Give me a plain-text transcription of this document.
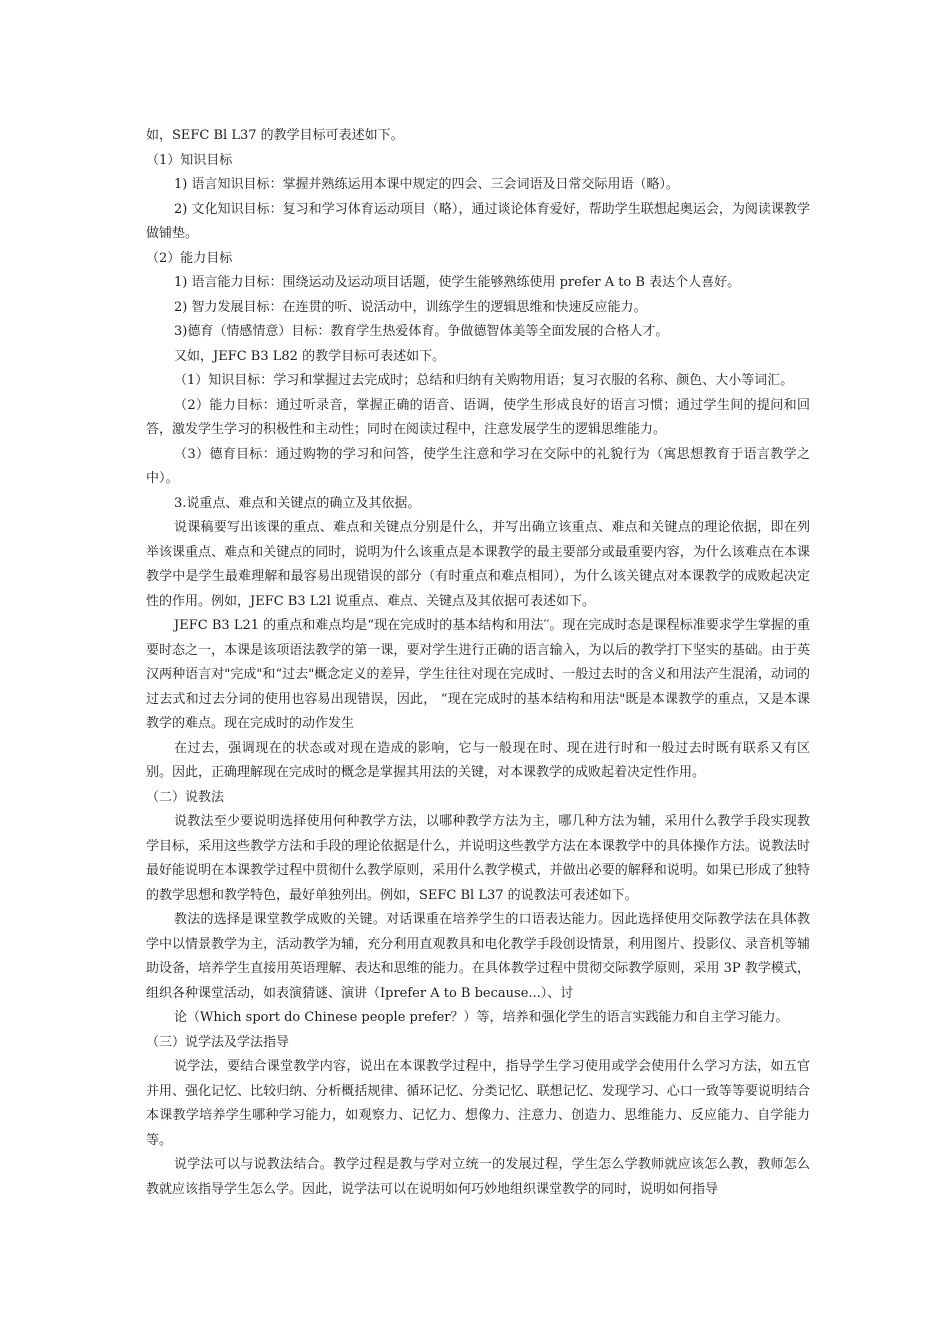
如，SEFC Bl L37 的教学目标可表述如下。

（1）知识目标

1) 语言知识目标：掌握并熟练运用本课中规定的四会、三会词语及日常交际用语（略）。

2) 文化知识目标：复习和学习体育运动项目（略），通过谈论体育爱好，帮助学生联想起奥运会，为阅读课教学做铺垫。

（2）能力目标

1) 语言能力目标：围绕运动及运动项目话题，使学生能够熟练使用 prefer A to B 表达个人喜好。

2) 智力发展目标：在连贯的听、说活动中，训练学生的逻辑思维和快速反应能力。

3)德育（情感情意）目标：教育学生热爱体育。争做德智体美等全面发展的合格人才。

又如，JEFC B3 L82 的教学目标可表述如下。

（1）知识目标：学习和掌握过去完成时；总结和归纳有关购物用语；复习衣服的名称、颜色、大小等词汇。

（2）能力目标：通过听录音，掌握正确的语音、语调，使学生形成良好的语言习惯；通过学生间的提问和回答，激发学生学习的积极性和主动性；同时在阅读过程中，注意发展学生的逻辑思维能力。

（3）德育目标：通过购物的学习和问答，使学生注意和学习在交际中的礼貌行为（寓思想教育于语言教学之中）。

3.说重点、难点和关键点的确立及其依据。

说课稿要写出该课的重点、难点和关键点分别是什么，并写出确立该重点、难点和关键点的理论依据，即在列举该课重点、难点和关键点的同时，说明为什么该重点是本课教学的最主要部分或最重要内容，为什么该难点在本课教学中是学生最难理解和最容易出现错误的部分（有时重点和难点相同），为什么该关键点对本课教学的成败起决定性的作用。例如，JEFC B3 L2l 说重点、难点、关键点及其依据可表述如下。

JEFC B3 L21 的重点和难点均是“现在完成时的基本结构和用法′′。现在完成时态是课程标准要求学生掌握的重要时态之一，本课是该项语法教学的第一课，要对学生进行正确的语言输入，为以后的教学打下坚实的基础。由于英汉两种语言对"完成"和“过去"概念定义的差异，学生往往对现在完成时、一般过去时的含义和用法产生混淆，动词的过去式和过去分词的使用也容易出现错误，因此， “现在完成时的基本结构和用法"既是本课教学的重点，又是本课教学的难点。现在完成时的动作发生

在过去，强调现在的状态或对现在造成的影响，它与一般现在时、现在进行时和一般过去时既有联系又有区别。因此，正确理解现在完成时的概念是掌握其用法的关键，对本课教学的成败起着决定性作用。

（二）说教法

说教法至少要说明选择使用何种教学方法，以哪种教学方法为主，哪几种方法为辅，采用什么教学手段实现教学目标，采用这些教学方法和手段的理论依据是什么，并说明这些教学方法在本课教学中的具体操作方法。说教法时最好能说明在本课教学过程中贯彻什么教学原则，采用什么教学模式，并做出必要的解释和说明。如果已形成了独特的教学思想和教学特色，最好单独列出。例如，SEFC Bl L37 的说教法可表述如下。

教法的选择是课堂教学成败的关键。对话课重在培养学生的口语表达能力。因此选择使用交际教学法在具体教学中以情景教学为主，活动教学为辅，充分利用直观教具和电化教学手段创设情景，利用图片、投影仪、录音机等辅助设备，培养学生直接用英语理解、表达和思维的能力。在具体教学过程中贯彻交际教学原则，采用 3P 教学模式，组织各种课堂活动，如表演猜谜、演讲（Iprefer A to B because...）、讨

论（Which sport do Chinese people prefer？）等，培养和强化学生的语言实践能力和自主学习能力。

（三）说学法及学法指导

说学法，要结合课堂教学内容，说出在本课教学过程中，指导学生学习使用或学会使用什么学习方法，如五官并用、强化记忆、比较归纳、分析概括规律、循环记忆、分类记忆、联想记忆、发现学习、心口一致等等要说明结合本课教学培养学生哪种学习能力，如观察力、记忆力、想像力、注意力、创造力、思维能力、反应能力、自学能力等。

说学法可以与说教法结合。教学过程是教与学对立统一的发展过程，学生怎么学教师就应该怎么教，教师怎么教就应该指导学生怎么学。因此，说学法可以在说明如何巧妙地组织课堂教学的同时，说明如何指导
